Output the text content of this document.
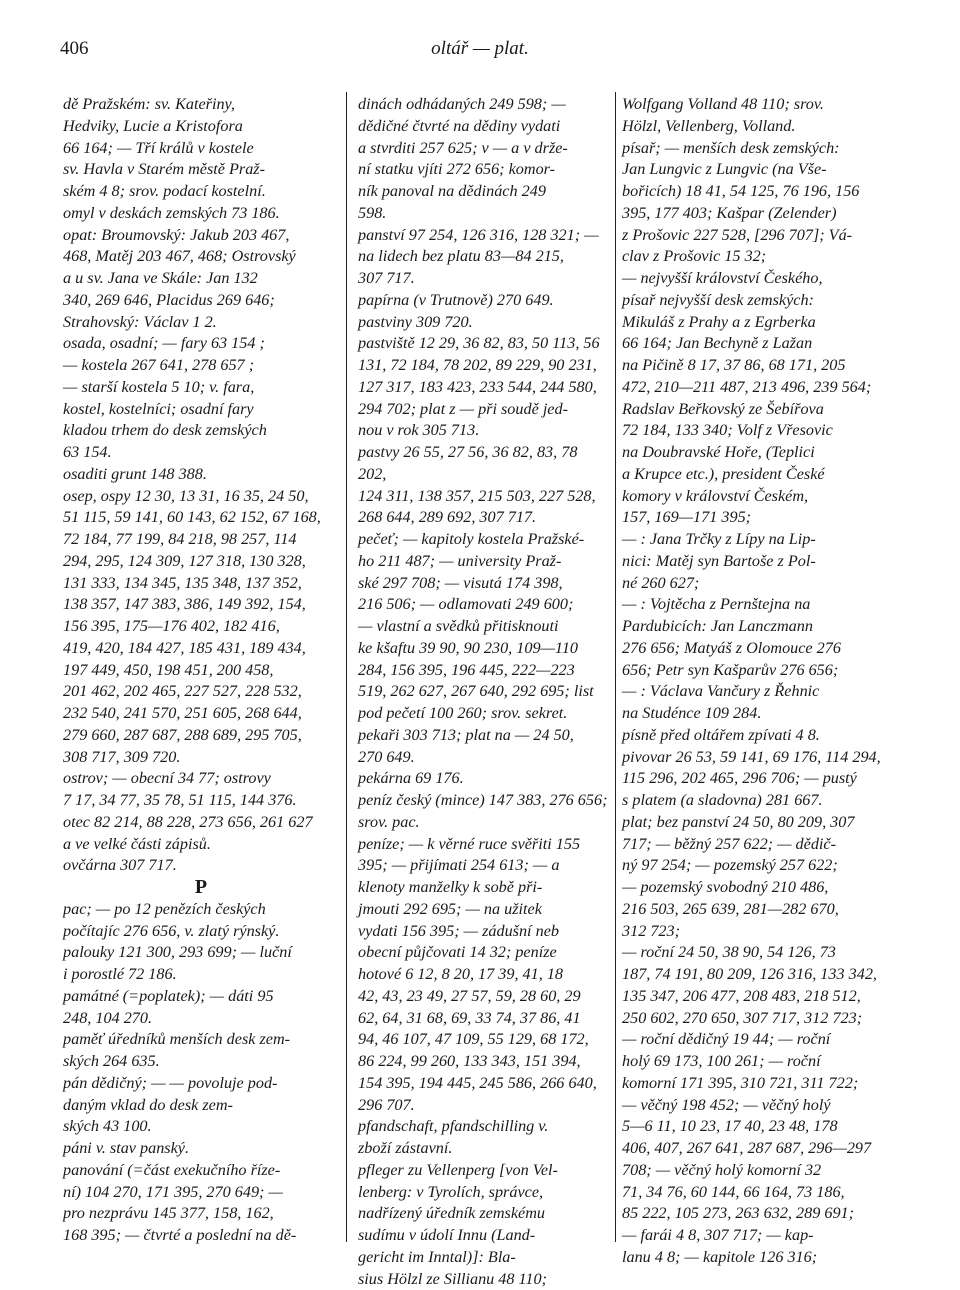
406	oltář — plat.
dě Pražském: sv. Kateřiny,
Hedviky, Lucie a Kristofora
66 164; — Tří králů v kostele
sv. Havla v Starém městě Praž-
ském 4 8; srov. podací kostelní.
omyl v deskách zemských 73 186.
opat: Broumovský: Jakub 203 467,
468, Matěj 203 467, 468; Ostrovský
a u sv. Jana ve Skále: Jan 132
340, 269 646, Placidus 269 646;
Strahovský: Václav 1 2.
osada, osadní; — fary 63 154 ;
— kostela 267 641, 278 657 ;
— starší kostela 5 10; v. fara,
kostel, kostelníci; osadní fary
kladou trhem do desk zemských
63 154.
osaditi grunt 148 388.
osep, ospy 12 30, 13 31, 16 35, 24 50,
51 115, 59 141, 60 143, 62 152, 67 168,
72 184, 77 199, 84 218, 98 257, 114
294, 295, 124 309, 127 318, 130 328,
131 333, 134 345, 135 348, 137 352,
138 357, 147 383, 386, 149 392, 154,
156 395, 175—176 402, 182 416,
419, 420, 184 427, 185 431, 189 434,
197 449, 450, 198 451, 200 458,
201 462, 202 465, 227 527, 228 532,
232 540, 241 570, 251 605, 268 644,
279 660, 287 687, 288 689, 295 705,
308 717, 309 720.
ostrov; — obecní 34 77; ostrovy
7 17, 34 77, 35 78, 51 115, 144 376.
otec 82 214, 88 228, 273 656, 261 627
a ve velké části zápisů.
ovčárna 307 717.
P
pac; — po 12 penězích českých
počítajíc 276 656, v. zlatý rýnský.
palouky 121 300, 293 699; — luční
i porostlé 72 186.
památné (=poplatek); — dáti 95
248, 104 270.
paměť úředníků menších desk zem-
ských 264 635.
pán dědičný; — — povoluje pod-
daným vklad do desk zem-
ských 43 100.
páni v. stav panský.
panování (=část exekučního říze-
ní) 104 270, 171 395, 270 649; —
pro nezprávu 145 377, 158, 162,
168 395; — čtvrté a poslední na dě-
dinách odhádaných 249 598; —
dědičné čtvrté na dědiny vydati
a stvrditi 257 625; v — a v drže-
ní statku vjíti 272 656; komor-
ník panoval na dědinách 249
598.
panství 97 254, 126 316, 128 321; —
na lidech bez platu 83—84 215,
307 717.
papírna (v Trutnově) 270 649.
pastviny 309 720.
pastviště 12 29, 36 82, 83, 50 113, 56
131, 72 184, 78 202, 89 229, 90 231,
127 317, 183 423, 233 544, 244 580,
294 702; plat z — při soudě jed-
nou v rok 305 713.
pastvy 26 55, 27 56, 36 82, 83, 78 202,
124 311, 138 357, 215 503, 227 528,
268 644, 289 692, 307 717.
pečeť; — kapitoly kostela Pražské-
ho 211 487; — university Praž-
ské 297 708; — visutá 174 398,
216 506; — odlamovati 249 600;
— vlastní a svědků přitisknouti
ke kšaftu 39 90, 90 230, 109—110
284, 156 395, 196 445, 222—223
519, 262 627, 267 640, 292 695; list
pod pečetí 100 260; srov. sekret.
pekaři 303 713; plat na — 24 50,
270 649.
pekárna 69 176.
peníz český (mince) 147 383, 276 656;
srov. pac.
peníze; — k věrné ruce svěřiti 155
395; — přijímati 254 613; — a
klenoty manželky k sobě při-
jmouti 292 695; — na užitek
vydati 156 395; — zádušní neb
obecní půjčovati 14 32; peníze
hotové 6 12, 8 20, 17 39, 41, 18
42, 43, 23 49, 27 57, 59, 28 60, 29
62, 64, 31 68, 69, 33 74, 37 86, 41
94, 46 107, 47 109, 55 129, 68 172,
86 224, 99 260, 133 343, 151 394,
154 395, 194 445, 245 586, 266 640,
296 707.
pfandschaft, pfandschilling v.
zboží zástavní.
pfleger zu Vellenperg [von Vel-
lenberg: v Tyrolích, správce,
nadřízený úředník zemskému
sudímu v údolí Innu (Land-
gericht im Inntal)]: Bla-
sius Hölzl ze Sillianu 48 110;
Wolfgang Volland 48 110; srov.
Hölzl, Vellenberg, Volland.
písař; — menších desk zemských:
Jan Lungvic z Lungvic (na Vše-
bořicích) 18 41, 54 125, 76 196, 156
395, 177 403; Kašpar (Zelender)
z Prošovic 227 528, [296 707]; Vá-
clav z Prošovic 15 32;
— nejvyšší království Českého,
písař nejvyšší desk zemských:
Mikuláš z Prahy a z Egrberka
66 164; Jan Bechyně z Lažan
na Pičině 8 17, 37 86, 68 171, 205
472, 210—211 487, 213 496, 239 564;
Radslav Beřkovský ze Šebířova
72 184, 133 340; Volf z Vřesovic
na Doubravské Hoře, (Teplici
a Krupce etc.), president České
komory v království Českém,
157, 169—171 395;
— : Jana Trčky z Lípy na Lip-
nici: Matěj syn Bartoše z Pol-
né 260 627;
— : Vojtěcha z Pernštejna na
Pardubicích: Jan Lanczmann
276 656; Matyáš z Olomouce 276
656; Petr syn Kašparův 276 656;
— : Václava Vančury z Řehnic
na Studénce 109 284.
písně před oltářem zpívati 4 8.
pivovar 26 53, 59 141, 69 176, 114 294,
115 296, 202 465, 296 706; — pustý
s platem (a sladovna) 281 667.
plat; bez panství 24 50, 80 209, 307
717; — běžný 257 622; — dědič-
ný 97 254; — pozemský 257 622;
— pozemský svobodný 210 486,
216 503, 265 639, 281—282 670,
312 723;
— roční 24 50, 38 90, 54 126, 73
187, 74 191, 80 209, 126 316, 133 342,
135 347, 206 477, 208 483, 218 512,
250 602, 270 650, 307 717, 312 723;
— roční dědičný 19 44; — roční
holý 69 173, 100 261; — roční
komorní 171 395, 310 721, 311 722;
— věčný 198 452; — věčný holý
5—6 11, 10 23, 17 40, 23 48, 178
406, 407, 267 641, 287 687, 296—297
708; — věčný holý komorní 32
71, 34 76, 60 144, 66 164, 73 186,
85 222, 105 273, 263 632, 289 691;
— farái 4 8, 307 717; — kap-
lanu 4 8; — kapitole 126 316;
